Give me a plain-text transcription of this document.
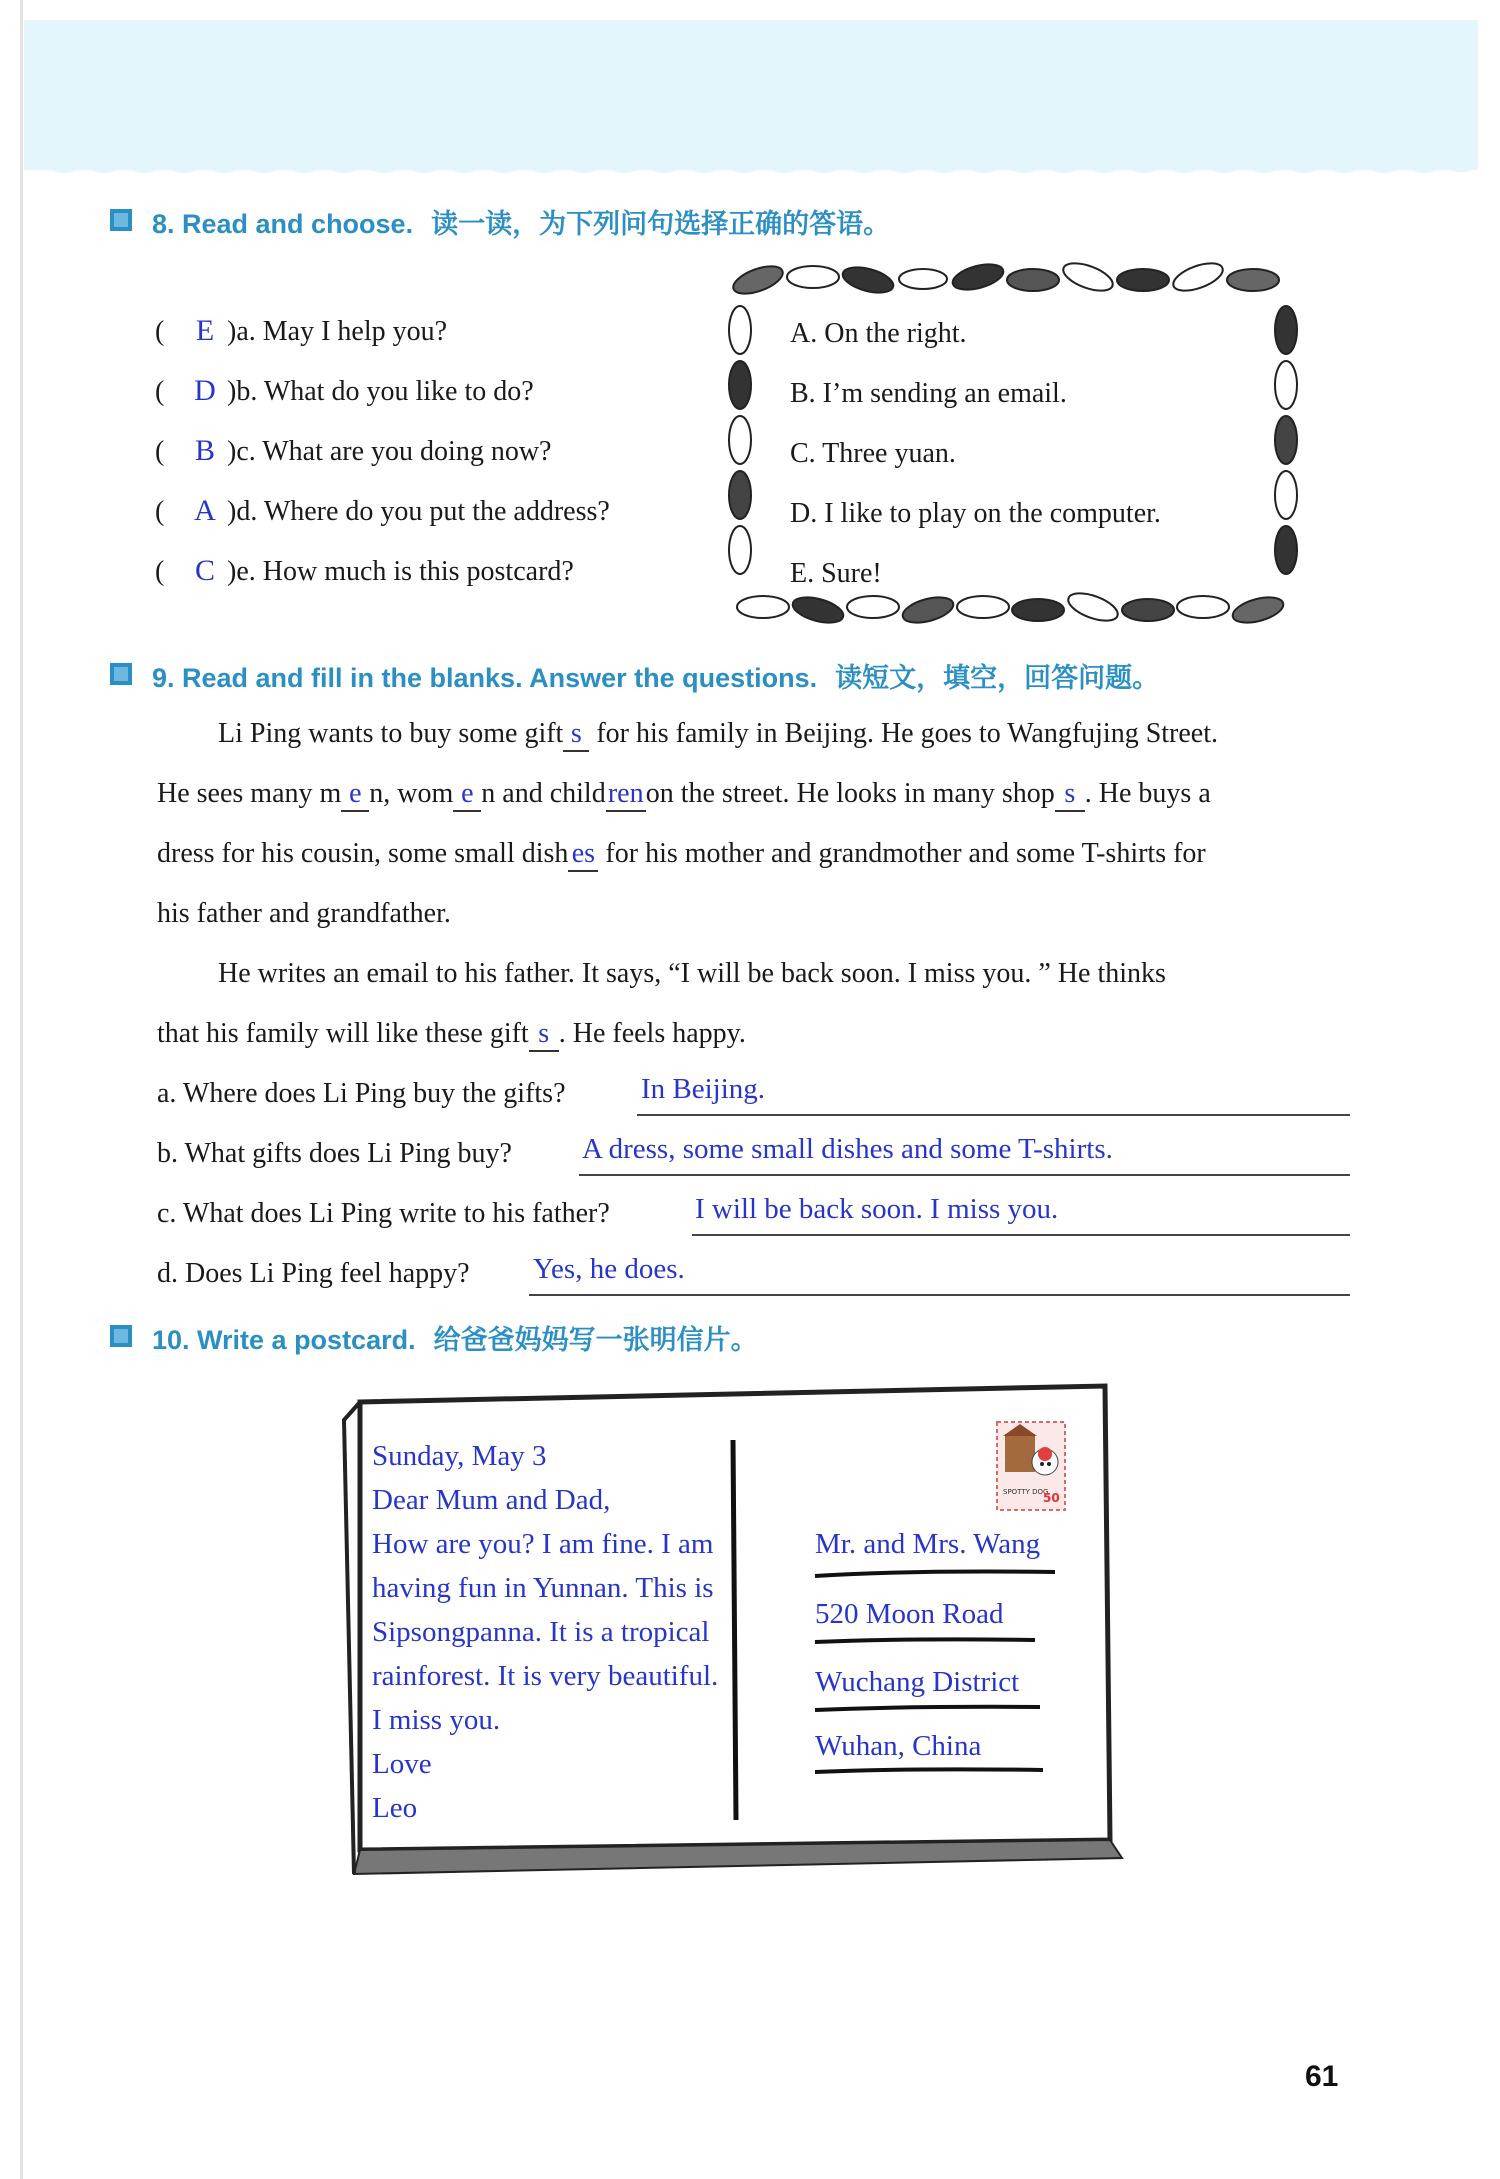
8. Read and choose. 读一读，为下列问句选择正确的答语。
( E )a. May I help you?
( D )b. What do you like to do?
( B )c. What are you doing now?
( A )d. Where do you put the address?
( C )e. How much is this postcard?
A. On the right.
B. I’m sending an email.
C. Three yuan.
D. I like to play on the computer.
E. Sure!
9. Read and fill in the blanks. Answer the questions. 读短文，填空，回答问题。
Li Ping wants to buy some gift s for his family in Beijing. He goes to Wangfujing Street.
He sees many m e n, wom e n and childrenon the street. He looks in many shop s . He buys a
dress for his cousin, some small dish es for his mother and grandmother and some T-shirts for
his father and grandfather.
He writes an email to his father. It says, “I will be back soon. I miss you. ” He thinks
that his family will like these gift s . He feels happy.
a. Where does Li Ping buy the gifts?	In Beijing.
b. What gifts does Li Ping buy? A dress, some small dishes and some T-shirts.
c. What does Li Ping write to his father?	I will be back soon. I miss you.
d. Does Li Ping feel happy? Yes, he does.
10. Write a postcard. 给爸爸妈妈写一张明信片。
SPOTTY DOG
50
Sunday, May 3
Dear Mum and Dad,
How are you? I am fine. I am
having fun in Yunnan. This is
Sipsongpanna. It is a tropical
rainforest. It is very beautiful.
I miss you.
Love
Leo
Mr. and Mrs. Wang
520 Moon Road
Wuchang District
Wuhan, China
61
